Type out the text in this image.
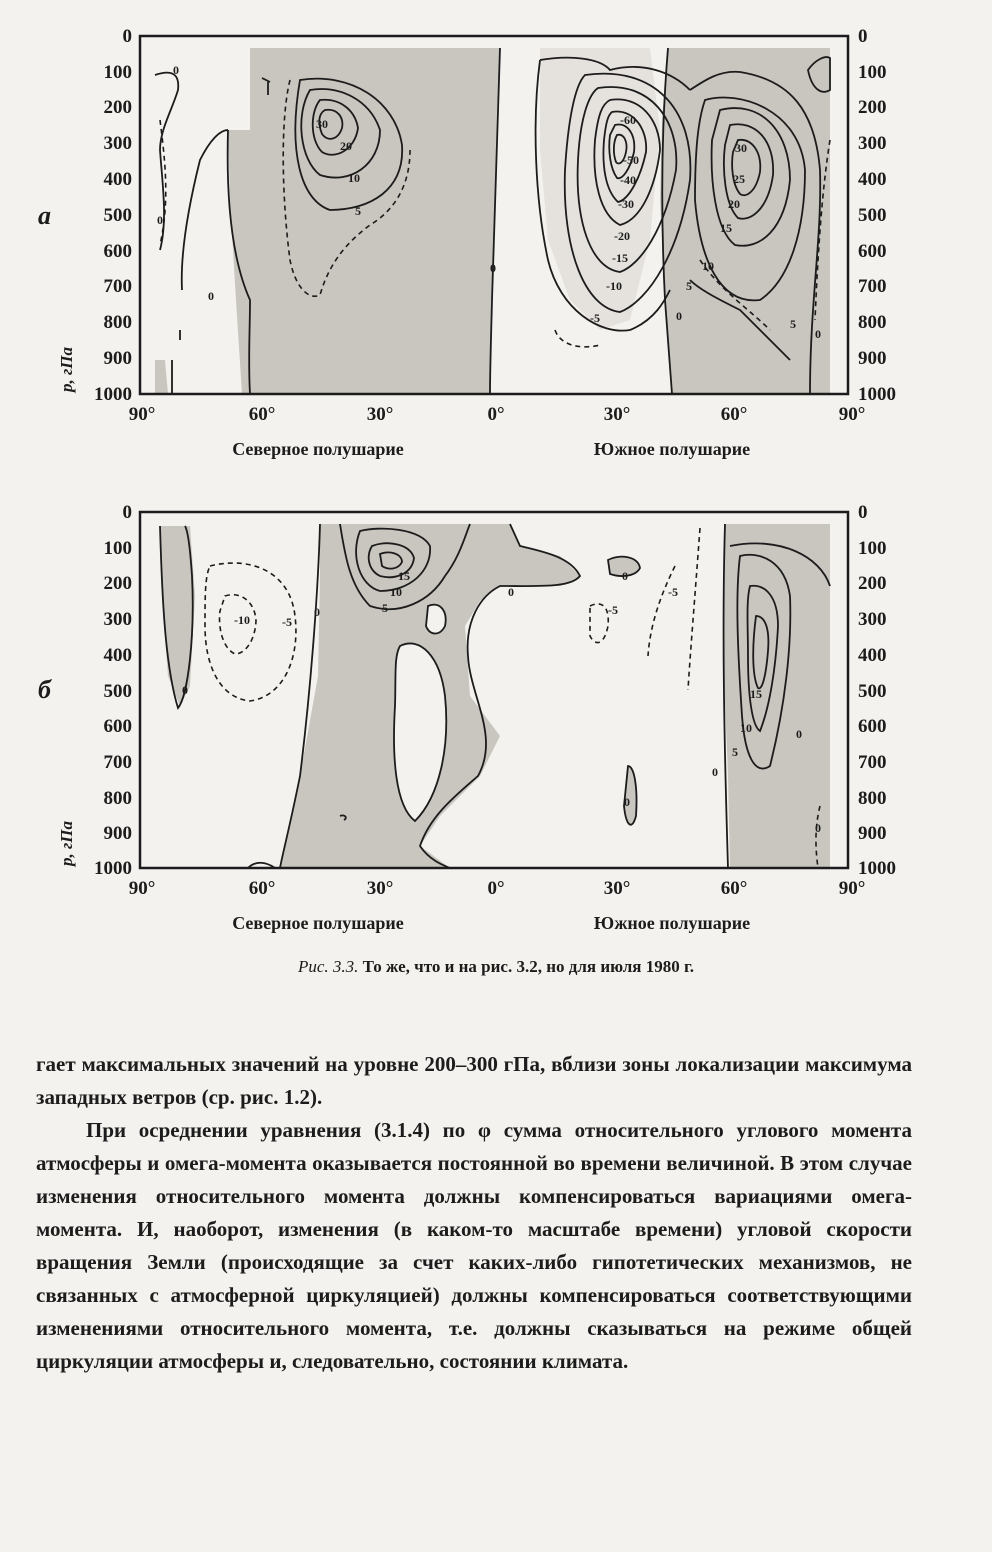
0
30
20
10
5
0
0
0
-60
-50
-40
-30
-20
-15
-10
-5	0
5
30
25
20
15
10
5
0
0
100
200
300
400
500
600
700
800
900
1000
0
100
200
300
400
500
600
700
800
900
1000
90°	60°	30°	0°	30°	60°	90°
Северное полушарие	Южное полушарие
а
p, гПа
-10	-5
0
0
15
10
5
0
0
-5
-5
0
15
10
5
0
0
0
0
100
200
300
400
500
600
700
800
900
1000
0
100
200
300
400
500
600
700
800
900
1000
90°	60°	30°	0°	30°	60°	90°
Северное полушарие	Южное полушарие
б
p, гПа
Рис. 3.3. То же, что и на рис. 3.2, но для июля 1980 г.

гает максимальных значений на уровне 200–300 гПа, вблизи зоны локализации максимума западных ветров (ср. рис. 1.2).

При осреднении уравнения (3.1.4) по φ сумма относительного углового момента атмосферы и омега-момента оказывается постоянной во времени величиной. В этом случае изменения относительного момента должны компенсироваться вариациями омега-момента. И, наоборот, изменения (в каком-то масштабе времени) угловой скорости вращения Земли (происходящие за счет каких-либо гипотетических механизмов, не связанных с атмосферной циркуляцией) должны компенсироваться соответствующими изменениями относительного момента, т.е. должны сказываться на режиме общей циркуляции атмосферы и, следовательно, состоянии климата.
